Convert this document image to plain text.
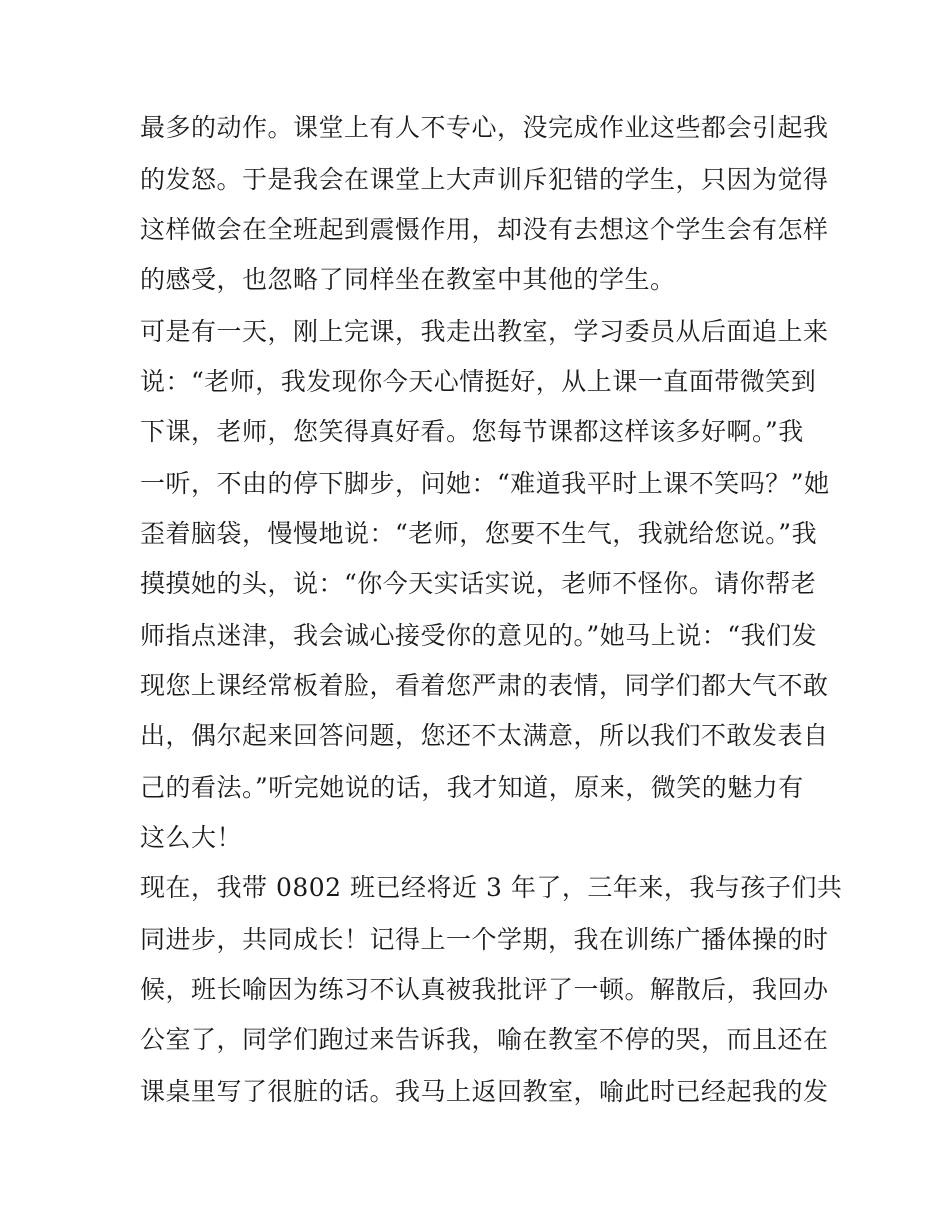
最多的动作。课堂上有人不专心，没完成作业这些都会引起我
的发怒。于是我会在课堂上大声训斥犯错的学生，只因为觉得
这样做会在全班起到震慑作用，却没有去想这个学生会有怎样
的感受，也忽略了同样坐在教室中其他的学生。
可是有一天，刚上完课，我走出教室，学习委员从后面追上来
说：“老师，我发现你今天心情挺好，从上课一直面带微笑到
下课，老师，您笑得真好看。您每节课都这样该多好啊。”我
一听，不由的停下脚步，问她：“难道我平时上课不笑吗？”她
歪着脑袋，慢慢地说：“老师，您要不生气，我就给您说。”我
摸摸她的头，说：“你今天实话实说，老师不怪你。请你帮老
师指点迷津，我会诚心接受你的意见的。”她马上说：“我们发
现您上课经常板着脸，看着您严肃的表情，同学们都大气不敢
出，偶尔起来回答问题，您还不太满意，所以我们不敢发表自
己的看法。”听完她说的话，我才知道，原来，微笑的魅力有
这么大！
现在，我带 0802 班已经将近 3 年了，三年来，我与孩子们共
同进步，共同成长！记得上一个学期，我在训练广播体操的时
候，班长喻因为练习不认真被我批评了一顿。解散后，我回办
公室了，同学们跑过来告诉我，喻在教室不停的哭，而且还在
课桌里写了很脏的话。我马上返回教室，喻此时已经起我的发
